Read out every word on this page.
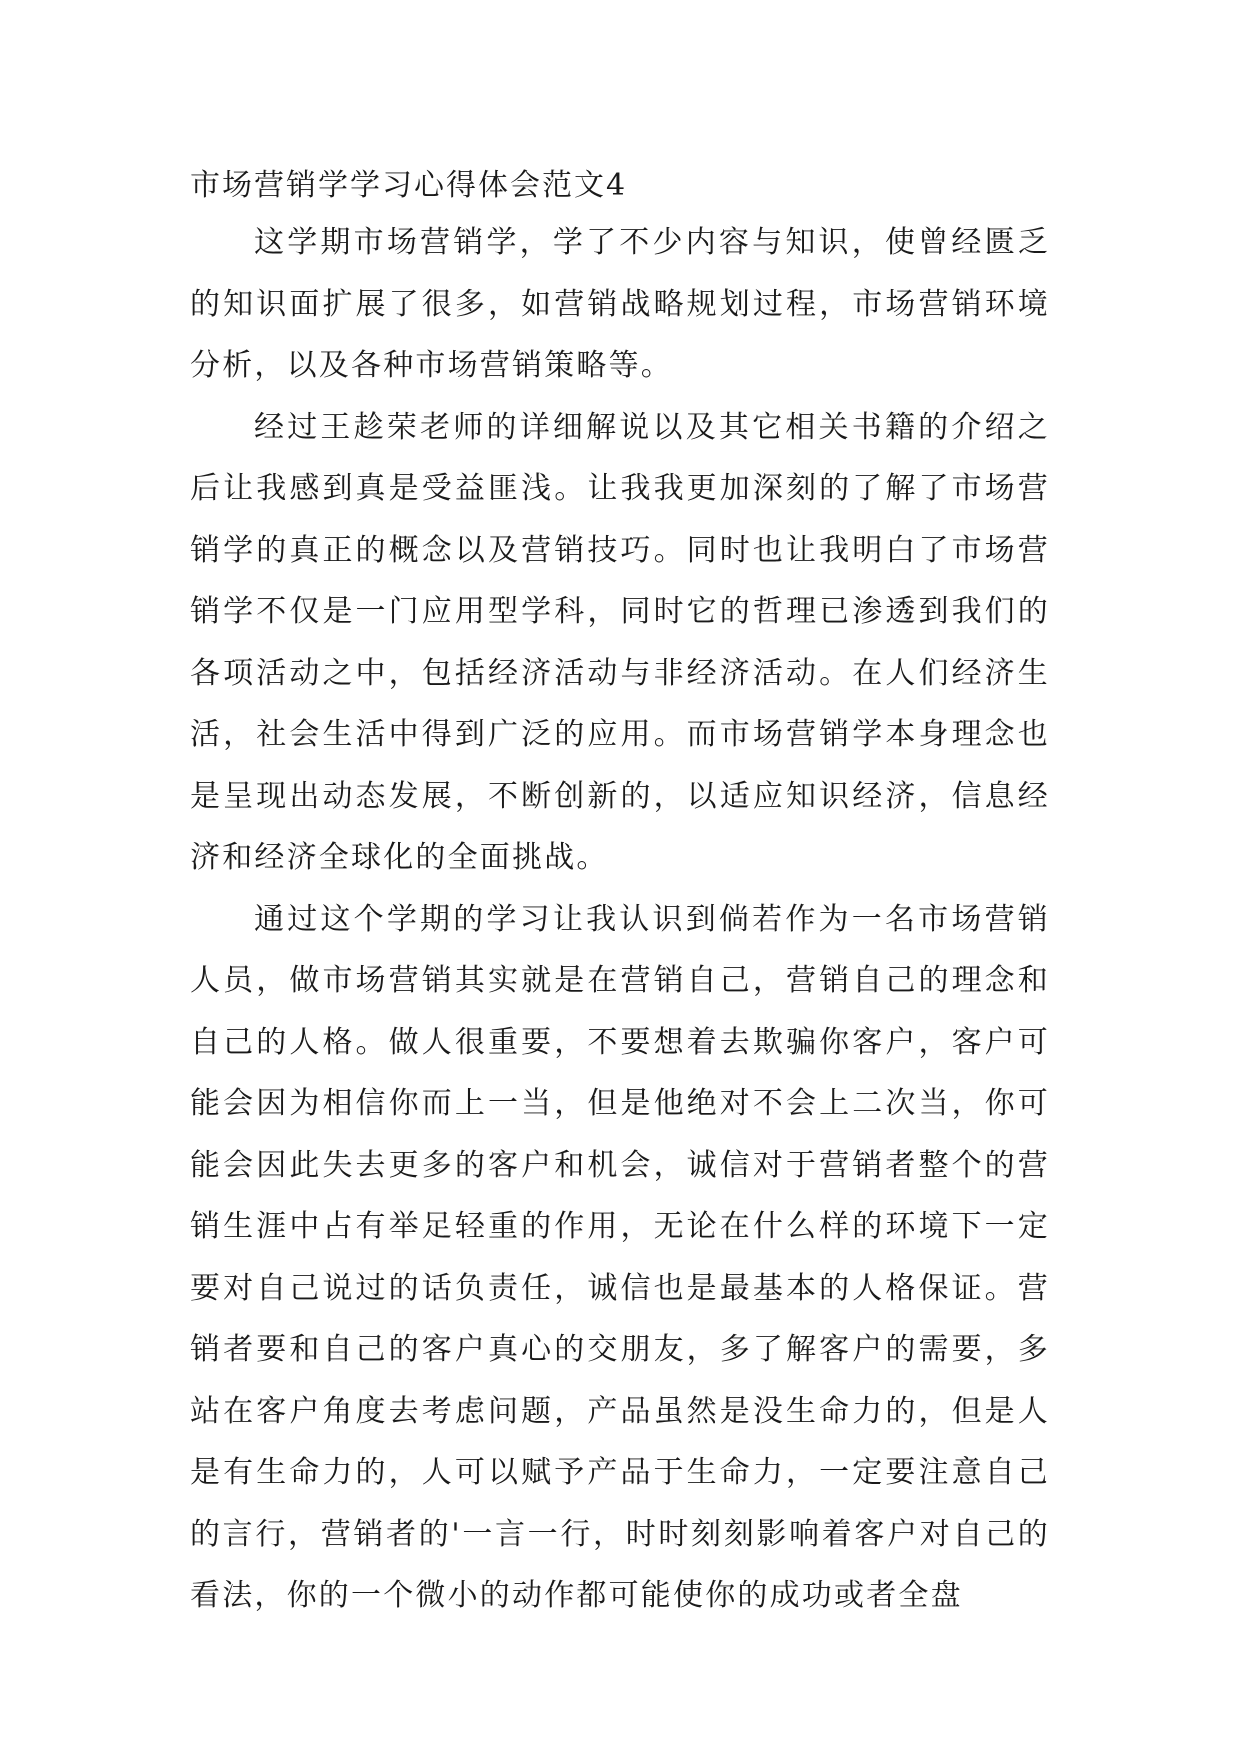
市场营销学学习心得体会范文4

这学期市场营销学，学了不少内容与知识，使曾经匮乏的知识面扩展了很多，如营销战略规划过程，市场营销环境分析，以及各种市场营销策略等。

经过王趁荣老师的详细解说以及其它相关书籍的介绍之后让我感到真是受益匪浅。让我我更加深刻的了解了市场营销学的真正的概念以及营销技巧。同时也让我明白了市场营销学不仅是一门应用型学科，同时它的哲理已渗透到我们的各项活动之中，包括经济活动与非经济活动。在人们经济生活，社会生活中得到广泛的应用。而市场营销学本身理念也是呈现出动态发展，不断创新的，以适应知识经济，信息经济和经济全球化的全面挑战。

通过这个学期的学习让我认识到倘若作为一名市场营销人员，做市场营销其实就是在营销自己，营销自己的理念和自己的人格。做人很重要，不要想着去欺骗你客户，客户可能会因为相信你而上一当，但是他绝对不会上二次当，你可能会因此失去更多的客户和机会，诚信对于营销者整个的营销生涯中占有举足轻重的作用，无论在什么样的环境下一定要对自己说过的话负责任，诚信也是最基本的人格保证。营销者要和自己的客户真心的交朋友，多了解客户的需要，多站在客户角度去考虑问题，产品虽然是没生命力的，但是人是有生命力的，人可以赋予产品于生命力，一定要注意自己的言行，营销者的'一言一行，时时刻刻影响着客户对自己的看法，你的一个微小的动作都可能使你的成功或者全盘
